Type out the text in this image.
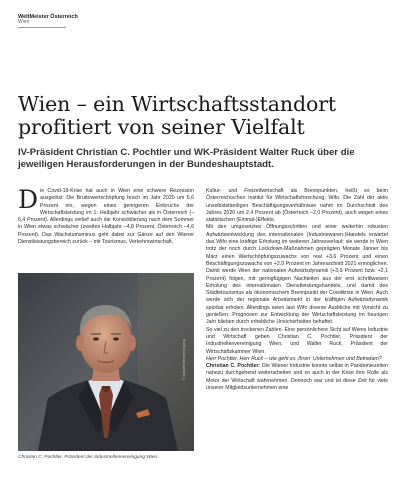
WeltMeister Österreich
Wien
Wien – ein Wirtschaftsstandort profitiert von seiner Vielfalt

IV-Präsident Christian C. Pochtler und WK-Präsident Walter Ruck über die jeweiligen Herausforderungen in der Bundeshauptstadt.

Die Covid-19-Krise hat auch in Wien eine schwere Rezession ausgelöst: Die Bruttowertschöpfung brach im Jahr 2020 um 5,6 Prozent ein, wegen eines geringeren Einbruchs der Wirtschaftsleistung im 1. Halbjahr schwächer als in Österreich (–6,4 Prozent). Allerdings verlief auch die Konsolidierung nach dem Sommer in Wien etwas schwächer (zweites Halbjahr –4,8 Prozent, Österreich –4,6 Prozent). Das Wachstumsminus geht dabei zur Gänze auf den Wiener Dienstleistungsbereich zurück – mit Tourismus, Verkehrswirtschaft,

© Industriellenvereinigung

Christian C. Pochtler, Präsident der Industriellenvereinigung Wien.

Kultur- und Freizeitwirtschaft als Brennpunkten, heißt es beim Österreichischen Institut für Wirtschaftsforschung, Wifo. Die Zahl der aktiv unselbstständigen Beschäftigungsverhältnisse nahm im Durchschnitt des Jahres 2020 um 2,4 Prozent ab (Österreich –2,0 Prozent), auch wegen eines statistischen (Einmal-)Effekts.

Mit den umgesetzten Öffnungsschritten und einer weiterhin robusten Aufwärtsentwicklung des internationalen (Industriewaren-)Handels erwartet das Wifo eine kräftige Erholung im weiteren Jahresverlauf; sie werde in Wien trotz der noch durch Lockdown-Maßnahmen geprägten Monate Jänner bis März einen Wertschöpfungszuwachs von real +3,6 Prozent und einen Beschäftigungszuwachs von +2,0 Prozent im Jahresschnitt 2021 ermöglichen. Damit werde Wien der nationalen Aufwärtsdynamik (+3,9 Prozent bzw. +2,1 Prozent) folgen, mit geringfügigen Nachteilen aus der erst schrittweisen Erholung des internationalen Dienstleistungshandels, und damit des Städtetourismus als ökonomischem Brennpunkt der Covidkrise in Wien. Auch werde sich der regionale Arbeitsmarkt in der kräftigen Aufwärtsdynamik spürbar erholen. Allerdings seien laut Wifo diverse Ausblicke mit Vorsicht zu genießen: Prognosen zur Entwicklung der Wirtschaftsleistung im heurigen Jahr blieben durch erhebliche Unsicherheiten behaftet.

So viel zu den trockenen Zahlen. Eine persönlichere Sicht auf Wiens Industrie und Wirtschaft geben Christian C. Pochtler, Präsident der Industriellenvereinigung Wien, und Walter Ruck, Präsident der Wirtschaftskammer Wien.

Herr Pochtler, Herr Ruck – wie geht es ‚Ihren‘ Unternehmen und Betrieben?

Christian C. Pochtler: Die Wiener Industrie konnte selbst in Pandemiezeiten nahezu durchgehend weiterarbeiten und so auch in der Krise ihre Rolle als Motor der Wirtschaft wahrnehmen. Dennoch war und ist diese Zeit für viele unserer Mitgliedsunternehmen eine
